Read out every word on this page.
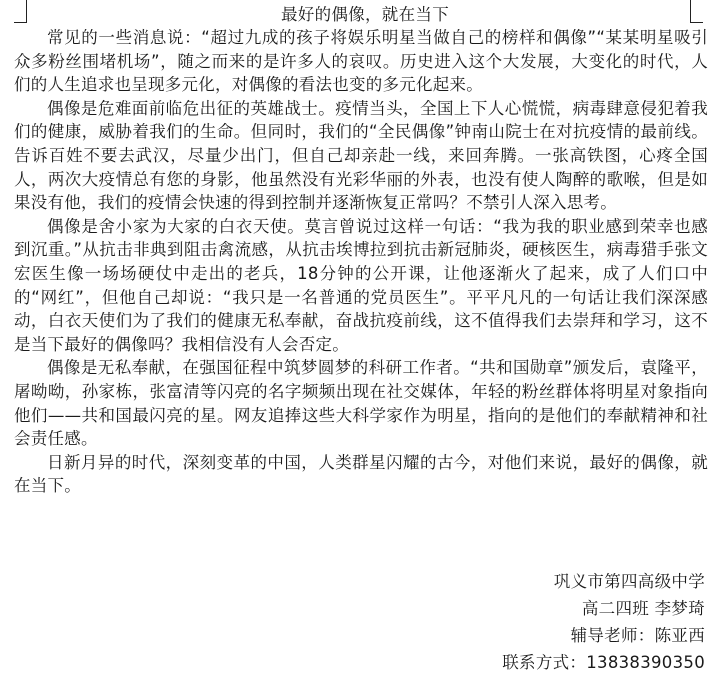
最好的偶像，就在当下

常见的一些消息说：“超过九成的孩子将娱乐明星当做自己的榜样和偶像”“某某明星吸引众多粉丝围堵机场”，随之而来的是许多人的哀叹。历史进入这个大发展，大变化的时代，人们的人生追求也呈现多元化，对偶像的看法也变的多元化起来。

偶像是危难面前临危出征的英雄战士。疫情当头，全国上下人心慌慌，病毒肆意侵犯着我们的健康，威胁着我们的生命。但同时，我们的“全民偶像”钟南山院士在对抗疫情的最前线。告诉百姓不要去武汉，尽量少出门，但自己却亲赴一线，来回奔腾。一张高铁图，心疼全国人，两次大疫情总有您的身影，他虽然没有光彩华丽的外表，也没有使人陶醉的歌喉，但是如果没有他，我们的疫情会快速的得到控制并逐渐恢复正常吗？不禁引人深入思考。

偶像是舍小家为大家的白衣天使。莫言曾说过这样一句话：“我为我的职业感到荣幸也感到沉重。”从抗击非典到阻击禽流感，从抗击埃博拉到抗击新冠肺炎，硬核医生，病毒猎手张文宏医生像一场场硬仗中走出的老兵，18分钟的公开课，让他逐渐火了起来，成了人们口中的“网红”，但他自己却说：“我只是一名普通的党员医生”。平平凡凡的一句话让我们深深感动，白衣天使们为了我们的健康无私奉献，奋战抗疫前线，这不值得我们去崇拜和学习，这不是当下最好的偶像吗？我相信没有人会否定。

偶像是无私奉献，在强国征程中筑梦圆梦的科研工作者。“共和国勋章”颁发后，袁隆平，屠呦呦，孙家栋，张富清等闪亮的名字频频出现在社交媒体，年轻的粉丝群体将明星对象指向他们——共和国最闪亮的星。网友追捧这些大科学家作为明星，指向的是他们的奉献精神和社会责任感。

日新月异的时代，深刻变革的中国，人类群星闪耀的古今，对他们来说，最好的偶像，就在当下。

巩义市第四高级中学
高二四班 李梦琦
辅导老师：陈亚西
联系方式：13838390350
